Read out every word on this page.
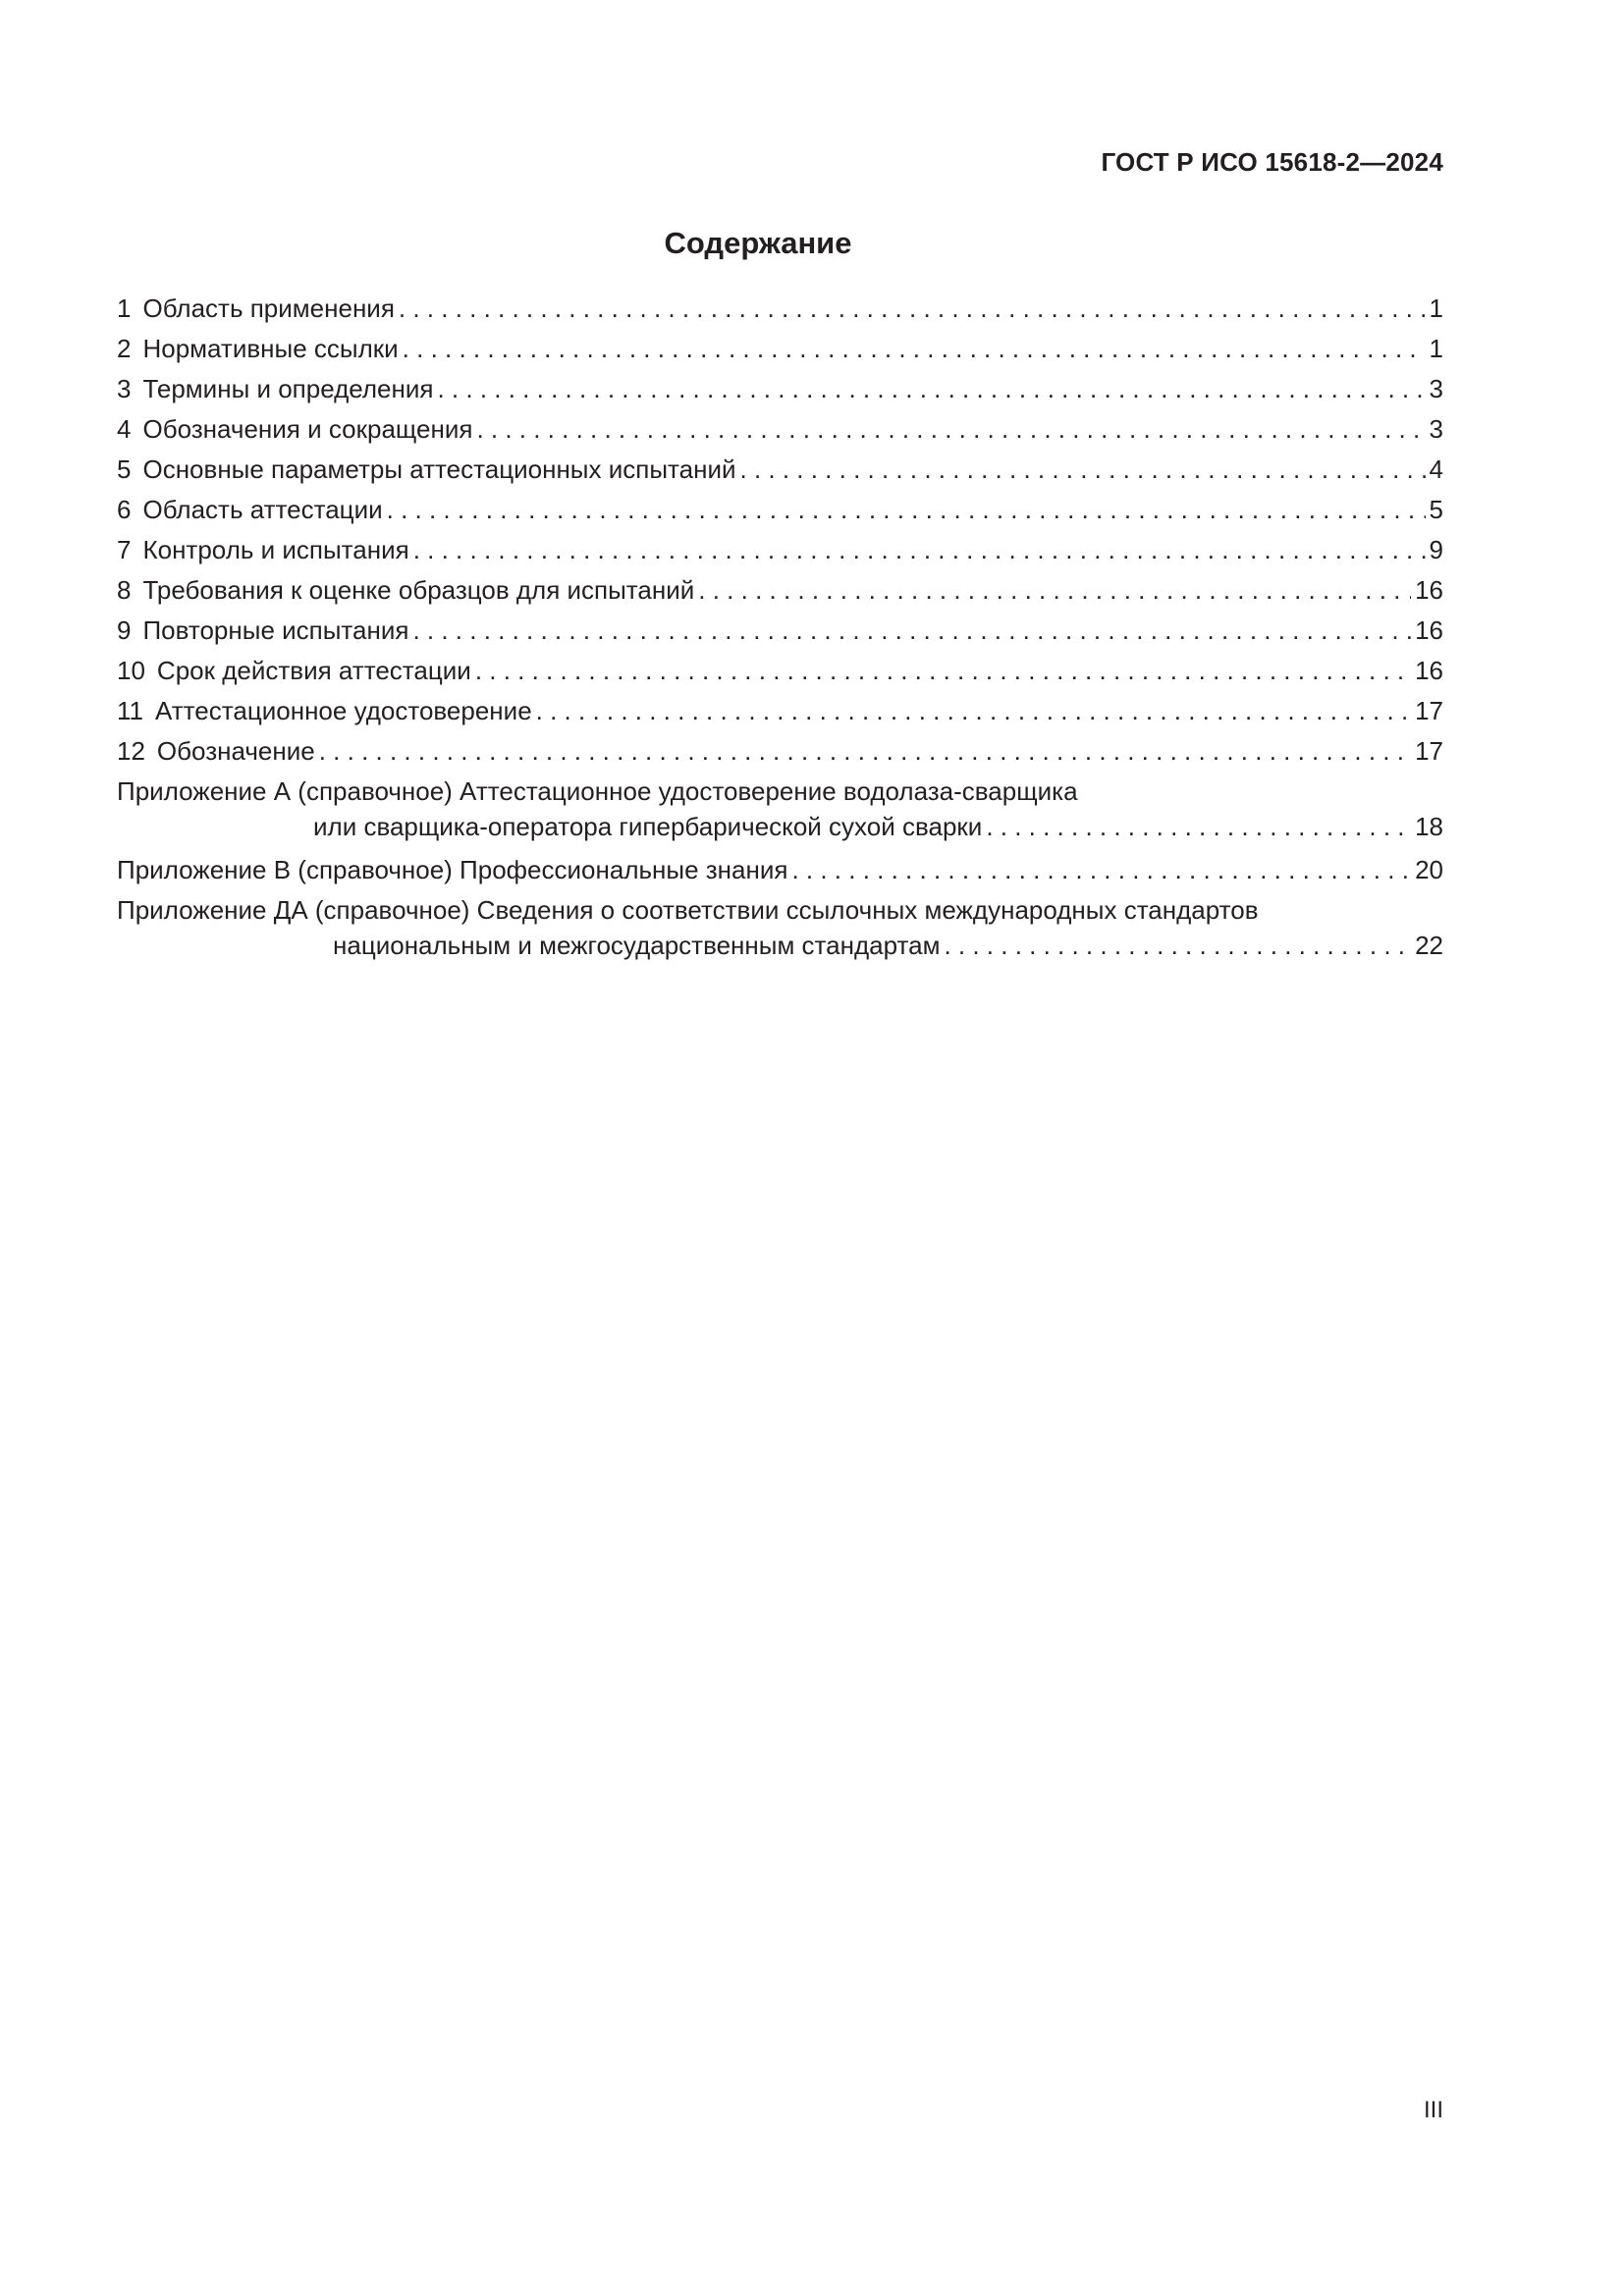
ГОСТ Р ИСО 15618-2—2024
Содержание
1 Область применения . . .	1
2 Нормативные ссылки . . .	1
3 Термины и определения . . .	3
4 Обозначения и сокращения . . .	3
5 Основные параметры аттестационных испытаний . . .	4
6 Область аттестации . . .	5
7 Контроль и испытания . . .	9
8 Требования к оценке образцов для испытаний . . .	16
9 Повторные испытания . . .	16
10 Срок действия аттестации . . .	16
11 Аттестационное удостоверение . . .	17
12 Обозначение . . .	17
Приложение А (справочное) Аттестационное удостоверение водолаза-сварщика
или сварщика-оператора гипербарической сухой сварки . . .	18
Приложение В (справочное) Профессиональные знания . . .	20
Приложение ДА (справочное) Сведения о соответствии ссылочных международных стандартов
национальным и межгосударственным стандартам . . .	22
III
